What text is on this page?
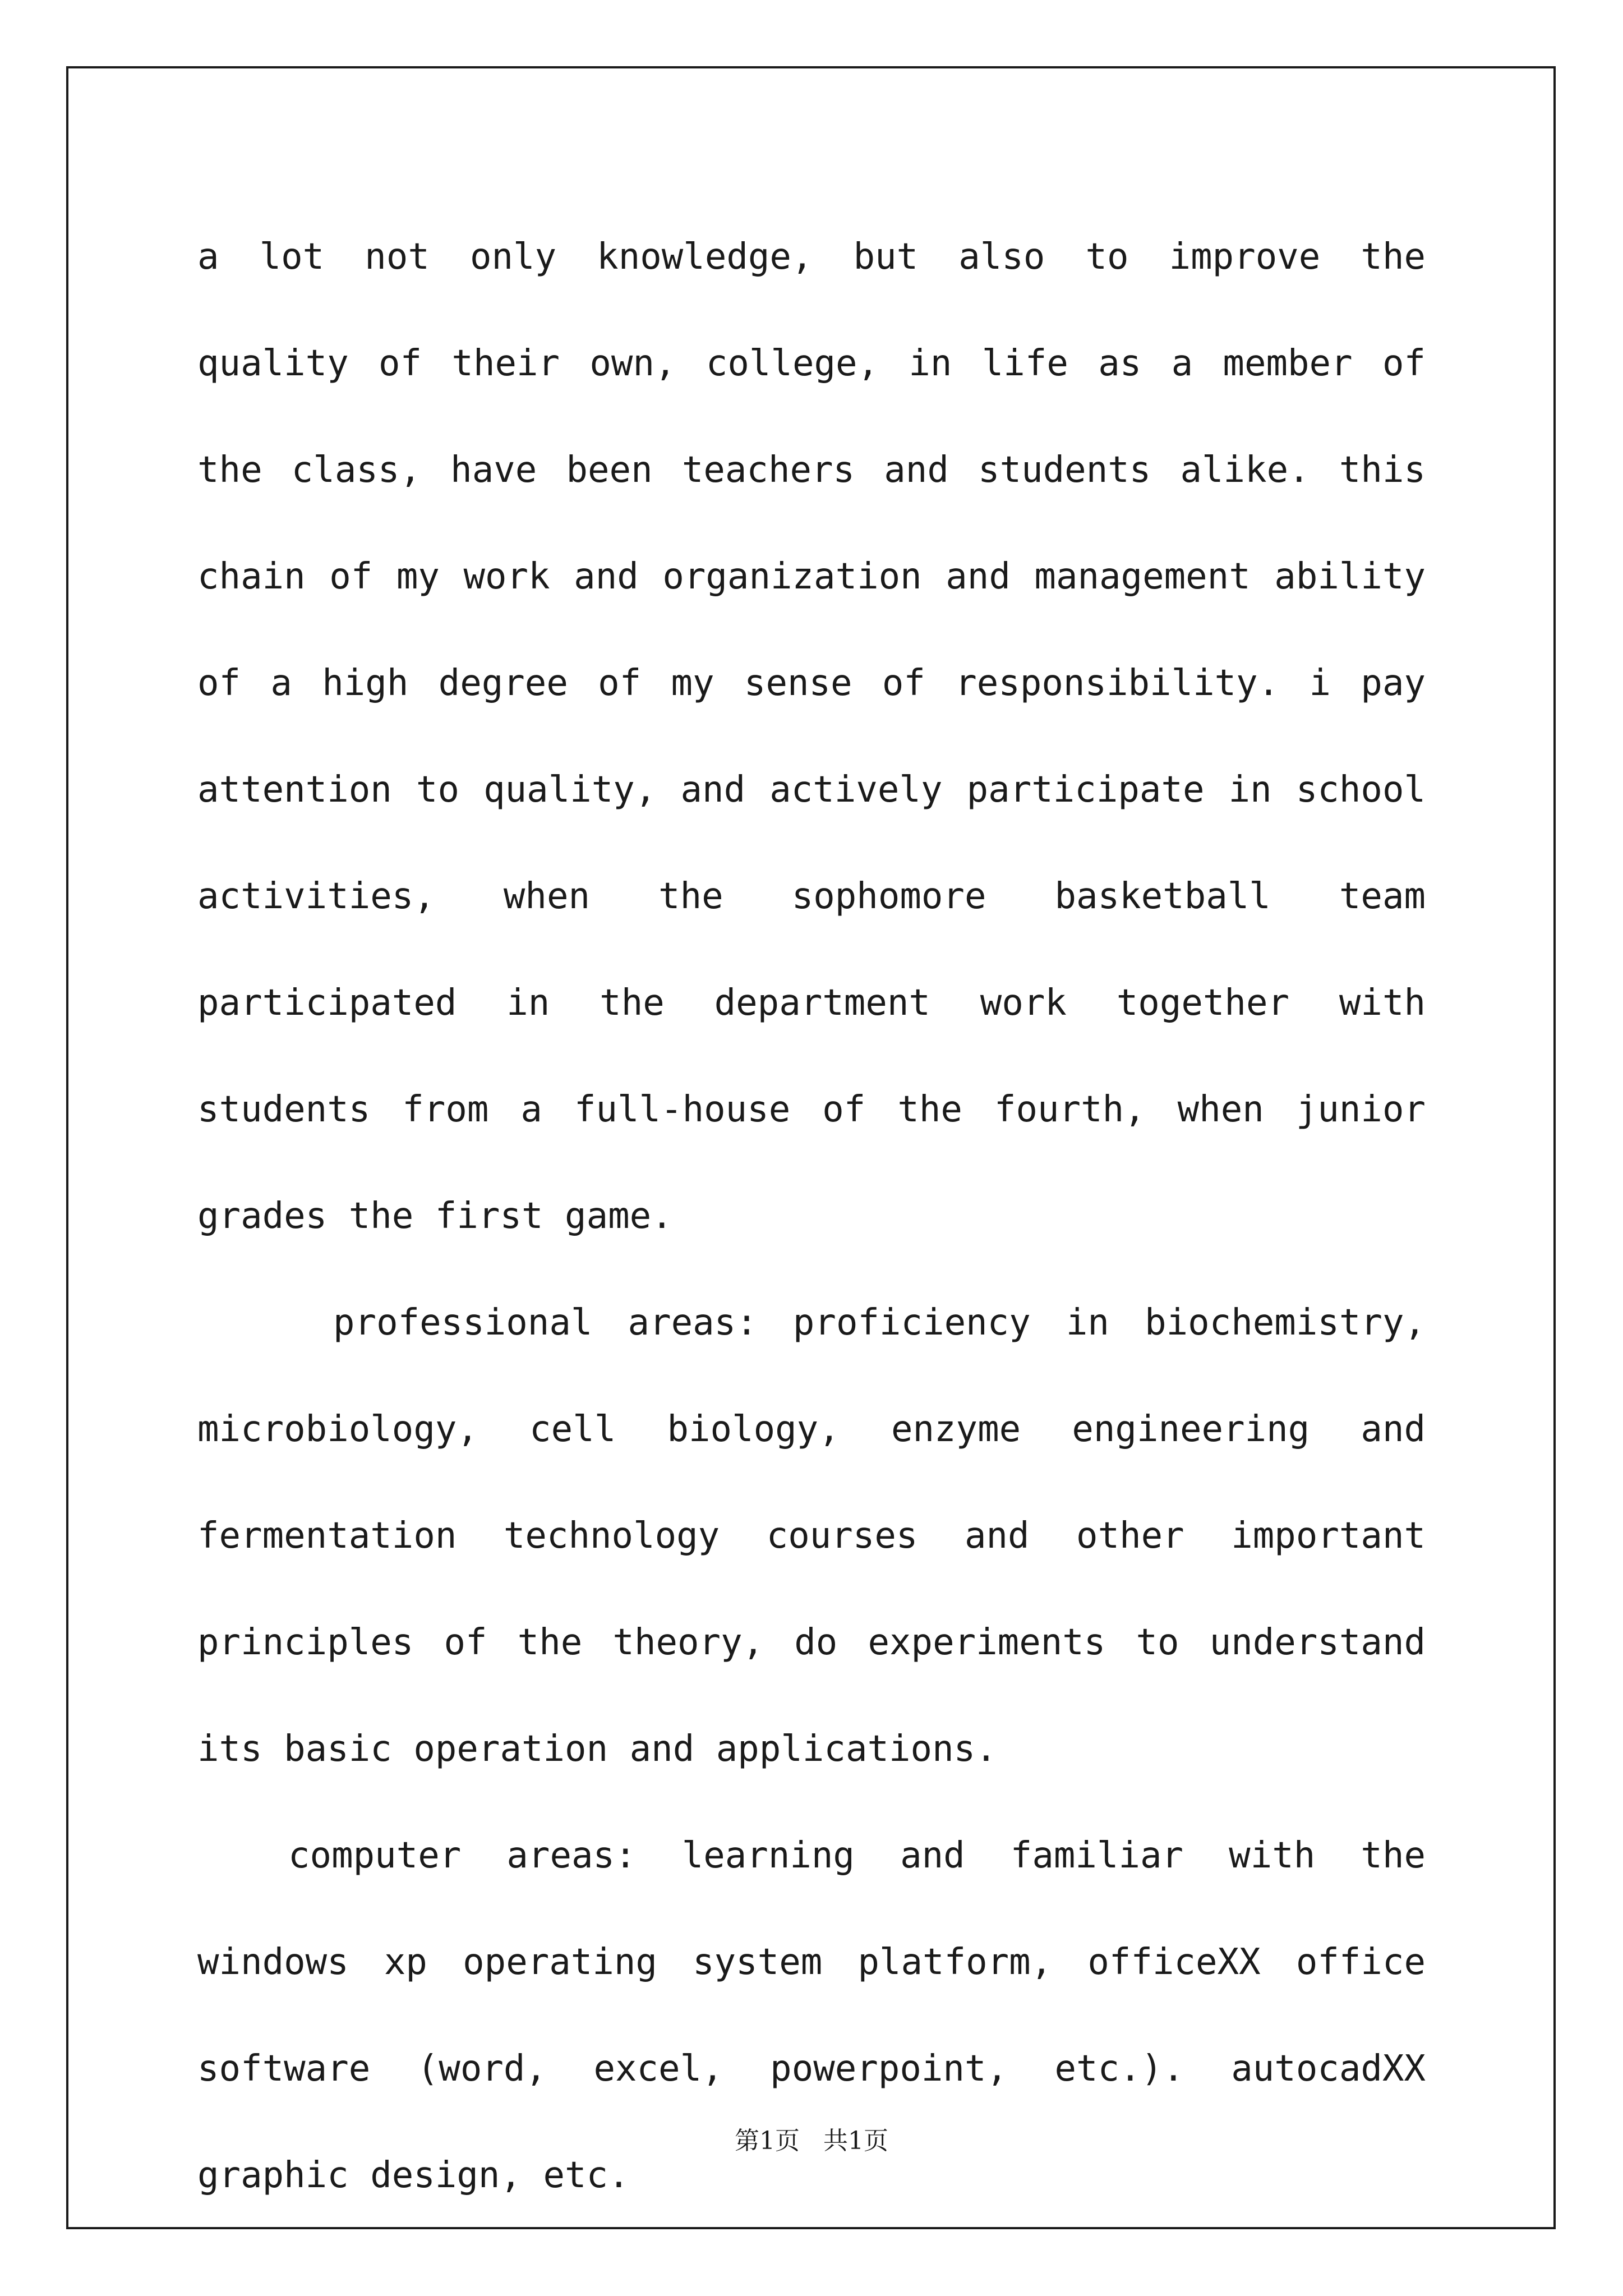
a lot not only knowledge, but also to improve the quality of their own, college, in life as a member of the class, have been teachers and students alike. this chain of my work and organization and management ability of a high degree of my sense of responsibility. i pay attention to quality, and actively participate in school activities, when the sophomore basketball team participated in the department work together with students from a full-house of the fourth, when junior grades the first game.

professional areas: proficiency in biochemistry, microbiology, cell biology, enzyme engineering and fermentation technology courses and other important principles of the theory, do experiments to understand its basic operation and applications.

computer areas: learning and familiar with the windows xp operating system platform, officeXX office software (word, excel, powerpoint, etc.). autocadXX graphic design, etc.

第1页   共1页
